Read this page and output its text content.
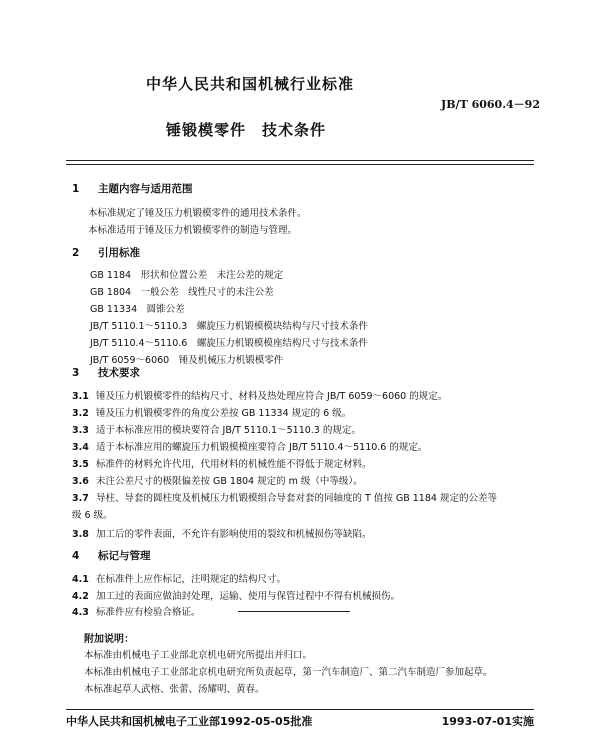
中华人民共和国机械行业标准
JB/T 6060.4－92
锤锻模零件　技术条件
1 主题内容与适用范围
本标准规定了锤及压力机锻模零件的通用技术条件。
本标准适用于锤及压力机锻模零件的制造与管理。
2 引用标准
GB 1184　形状和位置公差　未注公差的规定
GB 1804　一般公差　线性尺寸的未注公差
GB 11334　圆锥公差
JB/T 5110.1～5110.3　螺旋压力机锻模模块结构与尺寸技术条件
JB/T 5110.4～5110.6　螺旋压力机锻模模座结构尺寸与技术条件
JB/T 6059～6060　锤及机械压力机锻模零件
3 技术要求
3.1 锤及压力机锻模零件的结构尺寸、材料及热处理应符合 JB/T 6059～6060 的规定。
3.2 锤及压力机锻模零件的角度公差按 GB 11334 规定的 6 级。
3.3 适于本标准应用的模块要符合 JB/T 5110.1～5110.3 的规定。
3.4 适于本标准应用的螺旋压力机锻模模座要符合 JB/T 5110.4～5110.6 的规定。
3.5 标准件的材料允许代用，代用材料的机械性能不得低于规定材料。
3.6 未注公差尺寸的极限偏差按 GB 1804 规定的 m 级（中等级）。
3.7 导柱、导套的圆柱度及机械压力机锻模组合导套对套的同轴度的 T 值按 GB 1184 规定的公差等
级 6 级。
3.8 加工后的零件表面，不允许有影响使用的裂纹和机械损伤等缺陷。
4 标记与管理
4.1 在标准件上应作标记，注明规定的结构尺寸。
4.2 加工过的表面应做油封处理，运输、使用与保管过程中不得有机械损伤。
4.3 标准件应有检验合格证。
附加说明：
本标准由机械电子工业部北京机电研究所提出并归口。
本标准由机械电子工业部北京机电研究所负责起草，第一汽车制造厂、第二汽车制造厂参加起草。
本标准起草人武榕、张蕾、汤耀明、黄春。
中华人民共和国机械电子工业部1992-05-05批准	1993-07-01实施
